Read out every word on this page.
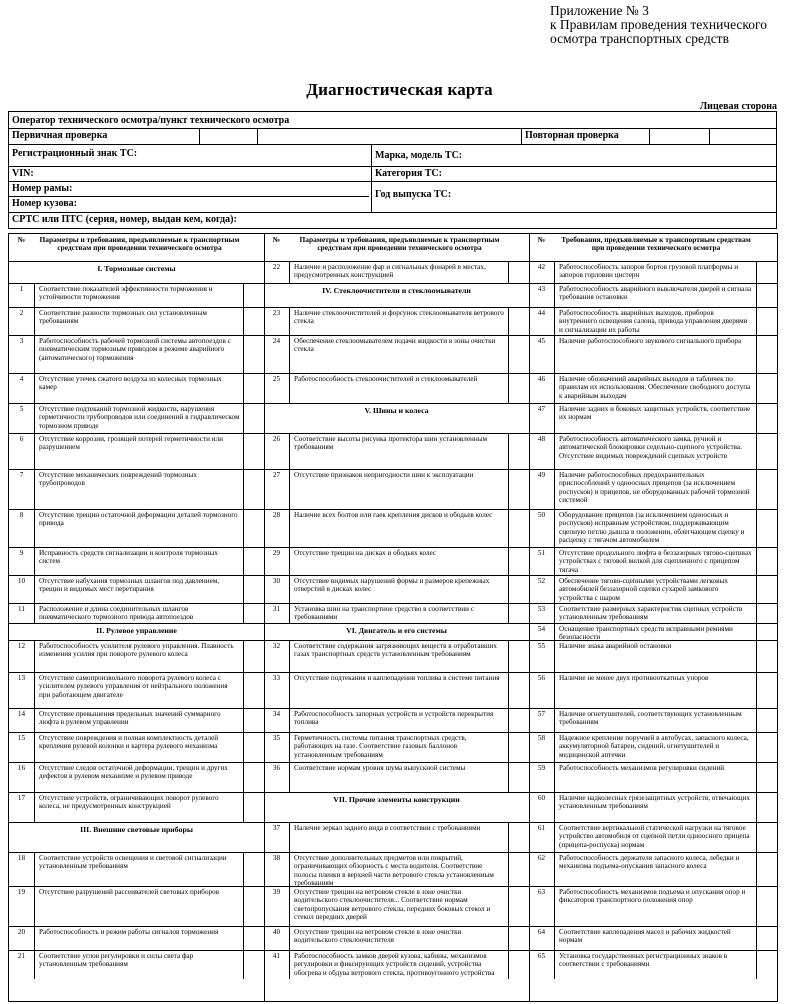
Приложение № 3
к Правилам проведения технического
осмотра транспортных средств
Диагностическая карта
Лицевая сторона
Оператор технического осмотра/пункт технического осмотра
Первичная проверка	Повторная проверка
Регистрационный знак ТС:	Марка, модель ТС:
VIN:	Категория ТС:
Номер рамы:
Год выпуска ТС:
Номер кузова:
СРТС или ПТС (серия, номер, выдан кем, когда):
№	Параметры и требования, предъявляемые к транспортным средствам при проведении технического осмотра
I. Тормозные системы
1	Соответствие показателей эффективности торможения и устойчивости торможения
2	Соответствие разности тормозных сил установленным требованиям
3	Работоспособность рабочей тормозной системы автопоездов с пневматическим тормозным приводом в режиме аварийного (автоматического) торможения
4	Отсутствие утечек сжатого воздуха из колесных тормозных камер
5	Отсутствие подтеканий тормозной жидкости, нарушения герметичности трубопроводов или соединений в гидравлическом тормозном приводе
6	Отсутствие коррозии, грозящей потерей герметичности или разрушением
7	Отсутствие механических повреждений тормозных трубопроводов
8	Отсутствие трещин остаточной деформации деталей тормозного привода
9	Исправность средств сигнализации и контроля тормозных систем
10	Отсутствие набухания тормозных шлангов под давлением, трещин и видимых мест перетирания
11	Расположение и длина соединительных шлангов пневматического тормозного привода автопоездов
II. Рулевое управление
12	Работоспособность усилителя рулевого управления. Плавность изменения усилия при повороте рулевого колеса
13	Отсутствие самопроизвольного поворота рулевого колеса с усилителем рулевого управления от нейтрального положения при работающем двигателе
14	Отсутствие превышения предельных значений суммарного люфта в рулевом управлении
15	Отсутствие повреждения и полная комплектность деталей крепления рулевой колонки и картера рулевого механизма
16	Отсутствие следов остаточной деформации, трещин и других дефектов в рулевом механизме и рулевом приводе
17	Отсутствие устройств, ограничивающих поворот рулевого колеса, не предусмотренных конструкцией
III. Внешние световые приборы
18	Соответствие устройств освещения и световой сигнализации установленным требованиям
19	Отсутствие разрушений рассеивателей световых приборов
20	Работоспособность и режим работы сигналов торможения
21	Соответствие углов регулировки и силы света фар установленным требованиям
№	Параметры и требования, предъявляемые к транспортным средствам при проведении технического осмотра
22	Наличие и расположение фар и сигнальных фонарей в местах, предусмотренных конструкцией
IV. Стеклоочистители и стеклоомыватели
23	Наличие стеклоочистителей и форсунок стеклоомывателя ветрового стекла
24	Обеспечение стеклоомывателем подачи жидкости в зоны очистки стекла
25	Работоспособность стеклоочистителей и стеклоомывателей
V. Шины и колеса
26	Соответствие высоты рисунка протектора шин установленным требованиям
27	Отсутствие признаков непригодности шин к эксплуатации
28	Наличие всех болтов или гаек крепления дисков и ободьев колес
29	Отсутствие трещин на дисках и ободьях колес
30	Отсутствие видимых нарушений формы и размеров крепежных отверстий в дисках колес
31	Установка шин на транспортное средство в соответствии с требованиями
VI. Двигатель и его системы
32	Соответствие содержания загрязняющих веществ в отработавших газах транспортных средств установленным требованиям
33	Отсутствие подтекания и каплепадения топлива в системе питания
34	Работоспособность запорных устройств и устройств перекрытия топлива
35	Герметичность системы питания транспортных средств, работающих на газе. Соответствие газовых баллонов установленным требованиям
36	Соответствие нормам уровня шума выпускной системы
VII. Прочие элементы конструкции
37	Наличие зеркал заднего вида в соответствии с требованиями
38	Отсутствие дополнительных предметов или покрытий, ограничивающих обзорность с места водителя. Соответствие полосы пленки в верхней части ветрового стекла установленным требованиям
39	Отсутствие трещин на ветровом стекле в зоне очистки водительского стеклоочистителя... Соответствие нормам светопропускания ветрового стекла, передних боковых стекол и стекол передних дверей
40	Отсутствие трещин на ветровом стекле в зоне очистки водительского стеклоочистителя
41	Работоспособность замков дверей кузова, кабины, механизмов регулировки и фиксирующих устройств сидений, устройства обогрева и обдува ветрового стекла, противоугонного устройства
№	Требования, предъявляемые к транспортным средствам при проведении технического осмотра
42	Работоспособность запоров бортов грузовой платформы и запоров горловин цистерн
43	Работоспособность аварийного выключателя дверей и сигнала требования остановки
44	Работоспособность аварийных выходов, приборов внутреннего освещения салона, привода управления дверями и сигнализации их работы
45	Наличие работоспособного звукового сигнального прибора
46	Наличие обозначений аварийных выходов и табличек по правилам их использования. Обеспечение свободного доступа к аварийным выходам
47	Наличие задних и боковых защитных устройств, соответствие их нормам
48	Работоспособность автоматического замка, ручной и автоматической блокировки седельно-сцепного устройства. Отсутствие видимых повреждений сцепных устройств
49	Наличие работоспособных предохранительных приспособлений у одноосных прицепов (за исключением роспусков) и прицепов, не оборудованных рабочей тормозной системой
50	Оборудование прицепов (за исключением одноосных и роспусков) исправным устройством, поддерживающим сцепную петлю дышла в положении, облегчающем сцепку и расцепку с тягачом автомобилем
51	Отсутствие продольного люфта в беззазорных тягово-сцепных устройствах с тяговой вилкой для сцепленного с прицепом тягача
52	Обеспечение тягово-сцепными устройствами легковых автомобилей беззазорной сцепки сухарей замкового устройства с шаром
53	Соответствие размерных характеристик сцепных устройств установленным требованиям
54	Оснащение транспортных средств исправными ремнями безопасности
55	Наличие знака аварийной остановки
56	Наличие не менее двух противооткатных упоров
57	Наличие огнетушителей, соответствующих установленным требованиям
58	Надежное крепление поручней в автобусах, запасного колеса, аккумуляторной батареи, сидений, огнетушителей и медицинской аптечки
59	Работоспособность механизмов регулировки сидений
60	Наличие надколесных грязезащитных устройств, отвечающих установленным требованиям
61	Соответствие вертикальной статической нагрузки на тяговое устройство автомобиля от сцепной петли одноосного прицепа (прицепа-роспуска) нормам
62	Работоспособность держателя запасного колеса, лебедки и механизма подъема-опускания запасного колеса
63	Работоспособность механизмов подъема и опускания опор и фиксаторов транспортного положения опор
64	Соответствие каплепадения масел и рабочих жидкостей нормам
65	Установка государственных регистрационных знаков в соответствии с требованиями
